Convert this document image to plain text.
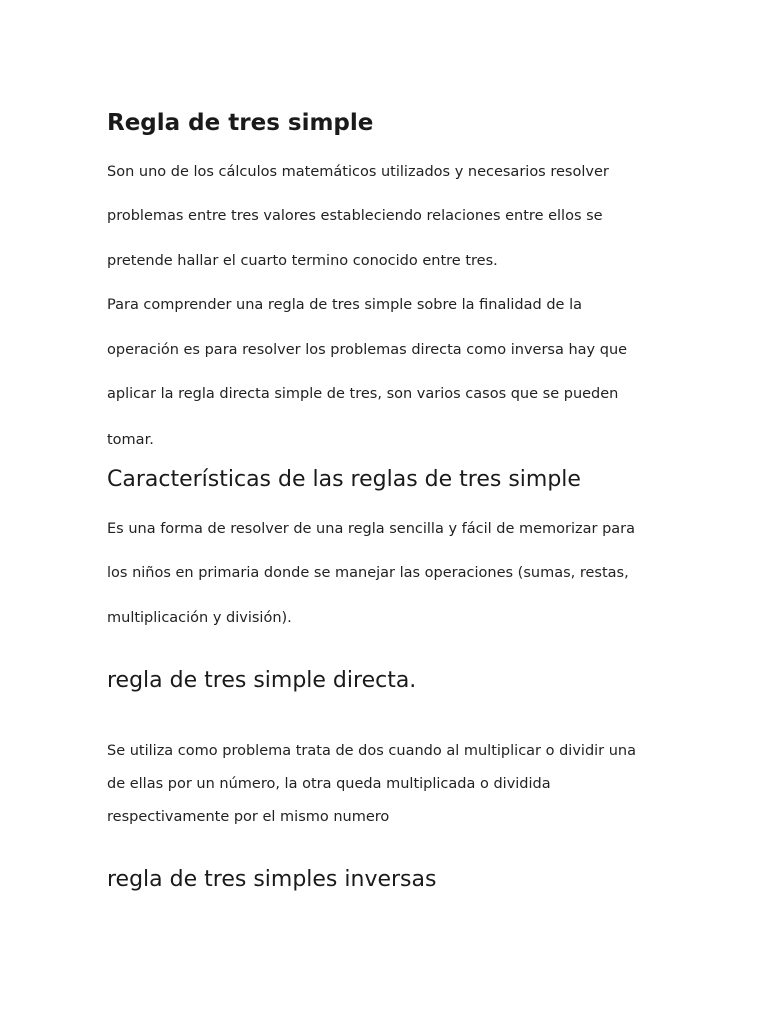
Regla de tres simple

Son uno de los cálculos matemáticos utilizados y necesarios resolver

problemas entre tres valores estableciendo relaciones entre ellos se

pretende hallar el cuarto termino conocido entre tres.

Para comprender una regla de tres simple sobre la finalidad de la

operación es para resolver los problemas directa como inversa hay que

aplicar la regla directa simple de tres, son varios casos que se pueden

tomar.

Características de las reglas de tres simple

Es una forma de resolver de una regla sencilla y fácil de memorizar para

los niños en primaria donde se manejar las operaciones (sumas, restas,

multiplicación y división).

regla de tres simple directa.

Se utiliza como problema trata de dos cuando al multiplicar o dividir una

de ellas por un número, la otra queda multiplicada o dividida

respectivamente por el mismo numero

regla de tres simples inversas
